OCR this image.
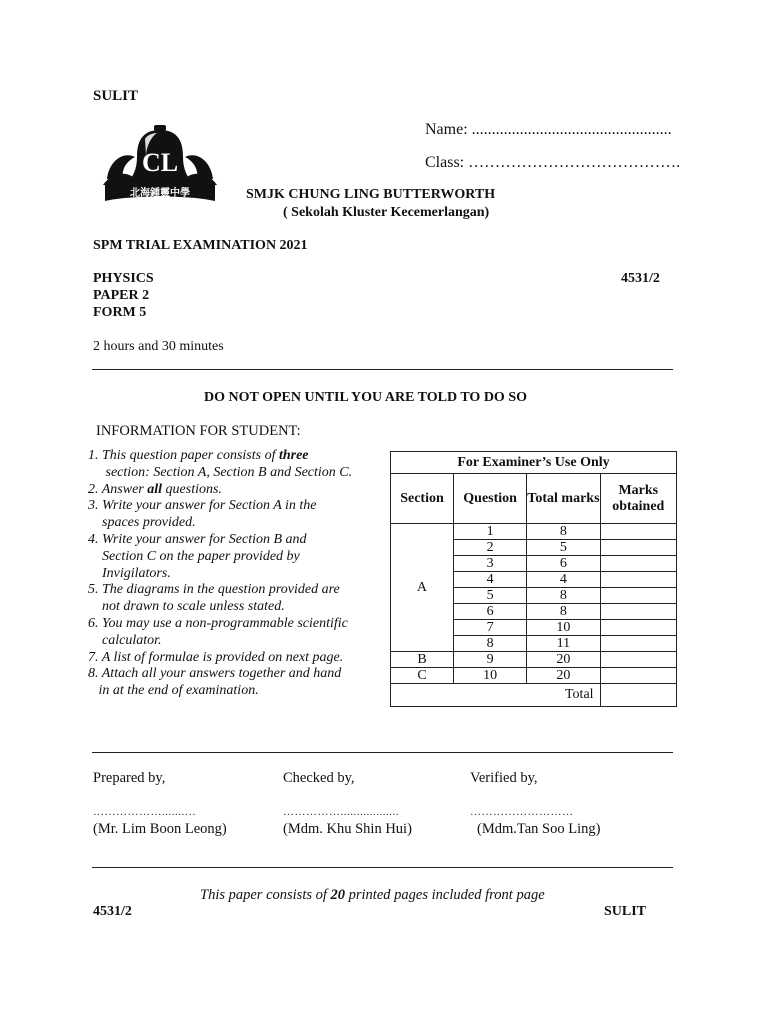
SULIT
Name: ..................................................
Class: ………………………………….
CL
北海鍾靈中學	SMJK CHUNG LING BUTTERWORTH
( Sekolah Kluster Kecemerlangan)
SPM TRIAL EXAMINATION 2021
PHYSICS	4531/2
PAPER 2
FORM 5
2 hours and 30 minutes
DO NOT OPEN UNTIL YOU ARE TOLD TO DO SO
INFORMATION FOR STUDENT:
1. This question paper consists of three
section: Section A, Section B and Section C.
2. Answer all questions.
3. Write your answer for Section A in the
spaces provided.
4. Write your answer for Section B and
Section C on the paper provided by
Invigilators.
5. The diagrams in the question provided are
not drawn to scale unless stated.
6. You may use a non-programmable scientific
calculator.
7. A list of formulae is provided on next page.
8. Attach all your answers together and hand
in at the end of examination.
For Examiner’s Use Only			
Section	Question	Total marks	Marks obtained
A	1	8	
	2	5	
	3	6	
	4	4	
	5	8	
	6	8	
	7	10	
	8	11	
B	9	20	
C	10	20	
Total			
Prepared by,
……………….......…
(Mr. Lim Boon Leong)
Checked by,
……………..................
(Mdm. Khu Shin Hui)
Verified by,
………………………
(Mdm.Tan Soo Ling)
This paper consists of 20 printed pages included front page
4531/2	SULIT
